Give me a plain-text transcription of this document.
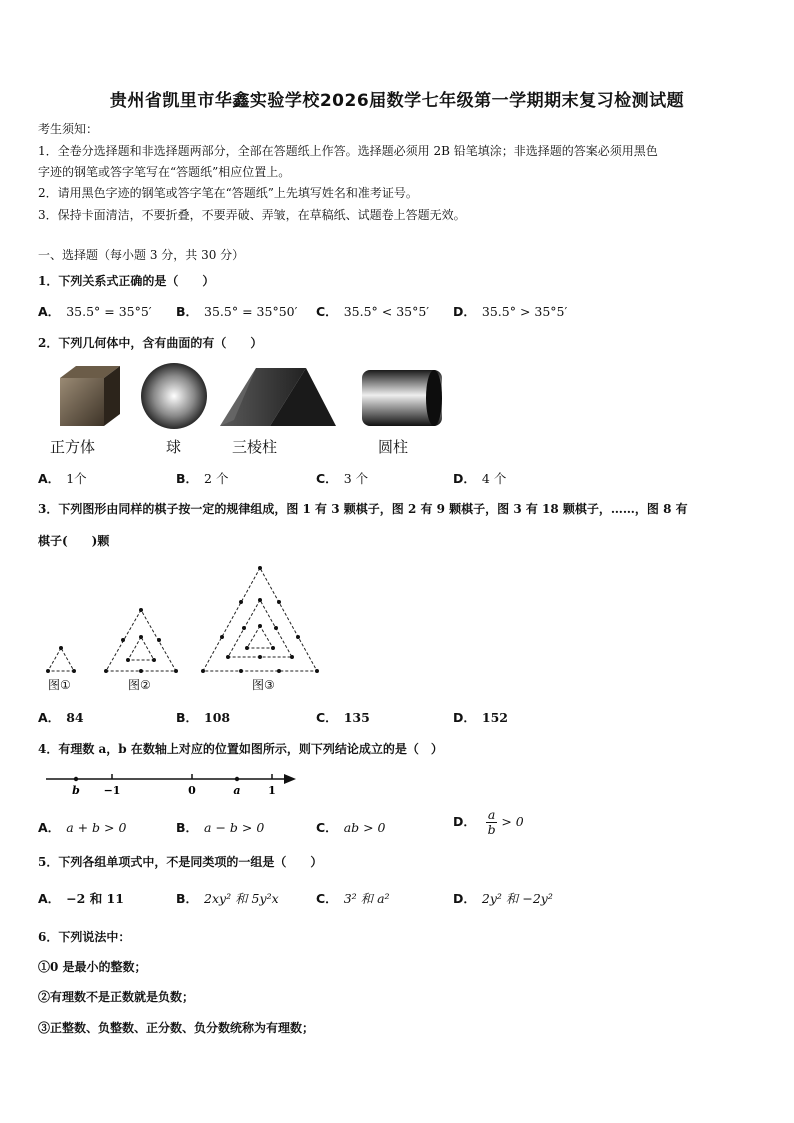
贵州省凯里市华鑫实验学校2026届数学七年级第一学期期末复习检测试题
考生须知：
1．全卷分选择题和非选择题两部分，全部在答题纸上作答。选择题必须用 2B 铅笔填涂；非选择题的答案必须用黑色
字迹的钢笔或答字笔写在“答题纸”相应位置上。
2．请用黑色字迹的钢笔或答字笔在“答题纸”上先填写姓名和准考证号。
3．保持卡面清洁，不要折叠，不要弄破、弄皱，在草稿纸、试题卷上答题无效。
一、选择题（每小题 3 分，共 30 分）
1．下列关系式正确的是（　　）
A． 35.5° = 35°5′ B． 35.5° = 35°50′ C． 35.5° < 35°5′ D． 35.5° > 35°5′
2．下列几何体中，含有曲面的有（　　）
正方体	球	三棱柱	圆柱
A． 1个	B． 2 个	C． 3 个	D． 4 个
3．下列图形由同样的棋子按一定的规律组成，图 1 有 3 颗棋子，图 2 有 9 颗棋子，图 3 有 18 颗棋子，……，图 8 有
棋子(　　)颗
图①	图②	图③
A． 84	B． 108	C． 135	D． 152
4．有理数 a，b 在数轴上对应的位置如图所示，则下列结论成立的是（　）
b −1	0	a	1
A． a + b > 0	B． a − b > 0	C． ab > 0	D． $\frac{a}{b} > 0$
5．下列各组单项式中，不是同类项的一组是（　　）
A． −2 和 11	B． 2xy² 和 5y²x	C． 3² 和 a²	D． 2y² 和 −2y²
6．下列说法中：
①0 是最小的整数；
②有理数不是正数就是负数；
③正整数、负整数、正分数、负分数统称为有理数；
